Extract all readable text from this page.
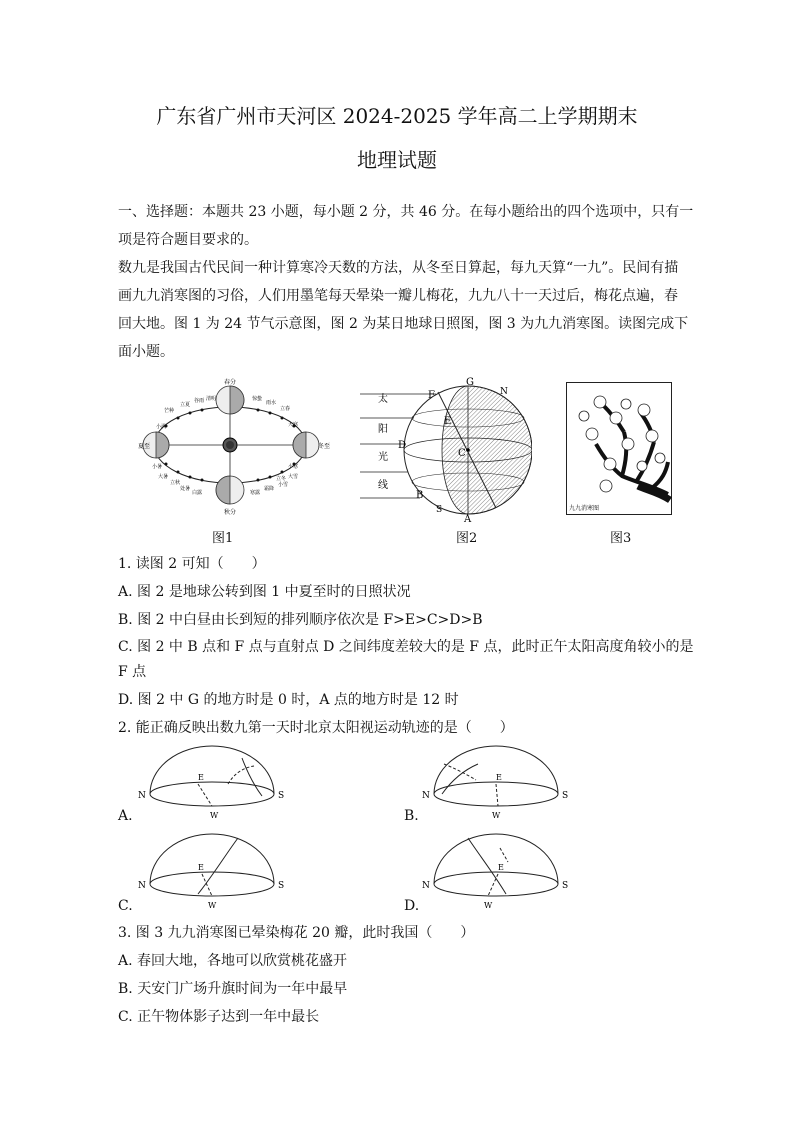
广东省广州市天河区 2024-2025 学年高二上学期期末
地理试题
一、选择题：本题共 23 小题，每小题 2 分，共 46 分。在每小题给出的四个选项中，只有一
项是符合题目要求的。
数九是我国古代民间一种计算寒冷天数的方法，从冬至日算起，每九天算“一九”。民间有描
画九九消寒图的习俗，人们用墨笔每天晕染一瓣儿梅花，九九八十一天过后，梅花点遍，春
回大地。图 1 为 24 节气示意图，图 2 为某日地球日照图，图 3 为九九消寒图。读图完成下
面小题。
春分
秋分
夏至	冬至
芒种
小满
立夏
谷雨 清明	惊蛰
雨水
立春
大寒
小寒
大雪
小雪
小暑
大暑
立秋
处暑
白露	寒露
霜降
立冬
图1
太
阳
光
线
G
N
F
E
D
C
B
S
A
图2
九九消寒图
图3
1. 读图 2 可知（　　）
A. 图 2 是地球公转到图 1 中夏至时的日照状况
B. 图 2 中白昼由长到短的排列顺序依次是 F>E>C>D>B
C. 图 2 中 B 点和 F 点与直射点 D 之间纬度差较大的是 F 点，此时正午太阳高度角较小的是
F 点
D. 图 2 中 G 的地方时是 0 时，A 点的地方时是 12 时
2. 能正确反映出数九第一天时北京太阳视运动轨迹的是（　　）
N	S
E
W
A.
N	S
E
W
B.
N	S
E
W
C.
N	S
E
W
D.
3. 图 3 九九消寒图已晕染梅花 20 瓣，此时我国（　　）
A. 春回大地，各地可以欣赏桃花盛开
B. 天安门广场升旗时间为一年中最早
C. 正午物体影子达到一年中最长
